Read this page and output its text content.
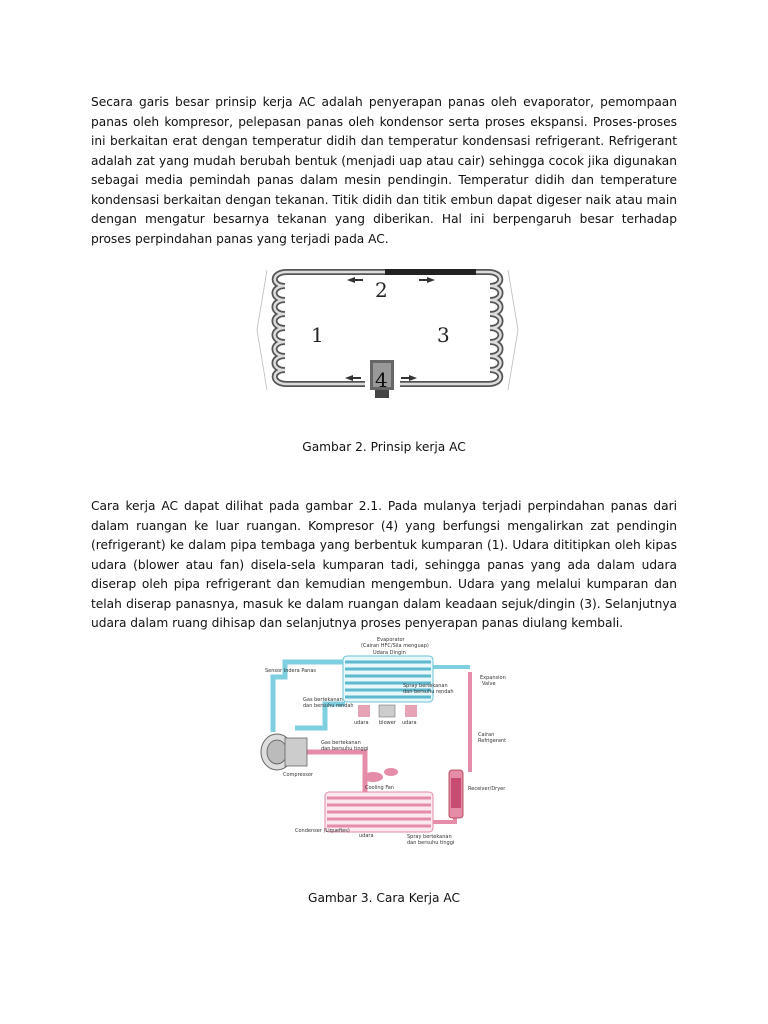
Secara garis besar prinsip kerja AC adalah penyerapan panas oleh evaporator, pemompaan panas oleh kompresor, pelepasan panas oleh kondensor serta proses ekspansi. Proses-proses ini berkaitan erat dengan temperatur didih dan temperatur kondensasi refrigerant. Refrigerant adalah zat yang mudah berubah bentuk (menjadi uap atau cair) sehingga cocok jika digunakan sebagai media pemindah panas dalam mesin pendingin. Temperatur didih dan temperature kondensasi berkaitan dengan tekanan. Titik didih dan titik embun dapat digeser naik atau main dengan mengatur besarnya tekanan yang diberikan. Hal ini berpengaruh besar terhadap proses perpindahan panas yang terjadi pada AC.

1
2
3
4

Gambar 2. Prinsip kerja AC

Cara kerja AC dapat dilihat pada gambar 2.1. Pada mulanya terjadi perpindahan panas dari dalam ruangan ke luar ruangan. Kompresor (4) yang berfungsi mengalirkan zat pendingin (refrigerant) ke dalam pipa tembaga yang berbentuk kumparan (1). Udara dititipkan oleh kipas udara (blower atau fan) disela-sela kumparan tadi, sehingga panas yang ada dalam udara diserap oleh pipa refrigerant dan kemudian mengembun. Udara yang melalui kumparan dan telah diserap panasnya, masuk ke dalam ruangan dalam keadaan sejuk/dingin (3). Selanjutnya udara dalam ruang dihisap dan selanjutnya proses penyerapan panas diulang kembali.

Evaporator
(Cairan HFC/Sila menguap)
Udara Dingin
Sensor Indera Panas
Spray bertekanan
dan bersuhu rendah
Expansion
Valve
Gas bertekanan
dan bersuhu rendah
udara blower udara
Cairan
Refrigerant
Gas bertekanan
dan bersuhu tinggi
Compressor
Cooling Fan	Receiver/Dryer
Condenser (Liquefies)
udara	Spray bertekanan
dan bersuhu tinggi

Gambar 3. Cara Kerja AC
